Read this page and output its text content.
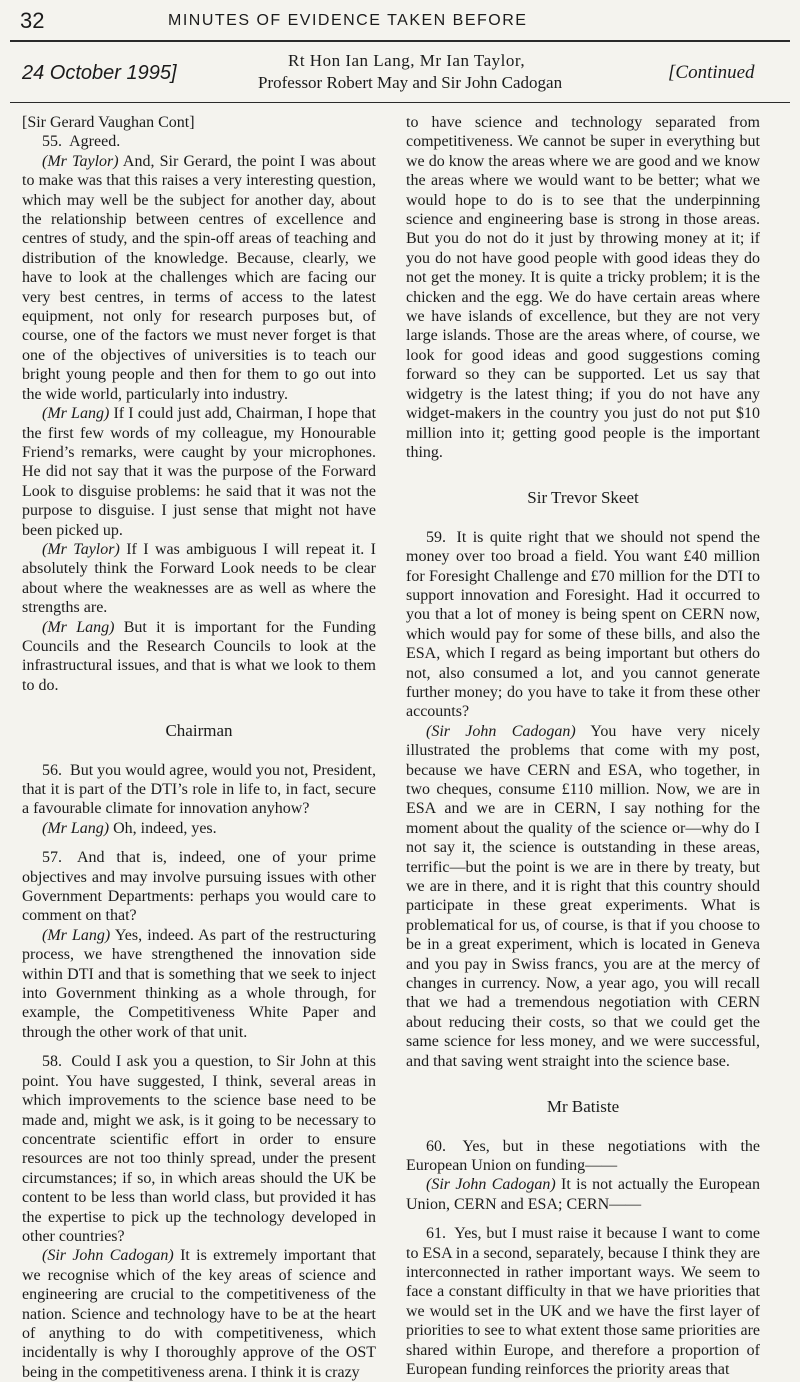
32	MINUTES OF EVIDENCE TAKEN BEFORE
24 October 1995]
Rt Hon Ian Lang, Mr Ian Taylor,
Professor Robert May and Sir John Cadogan	[Continued

[Sir Gerard Vaughan Cont]

55. Agreed.

(Mr Taylor) And, Sir Gerard, the point I was about to make was that this raises a very interesting question, which may well be the subject for another day, about the relationship between centres of excellence and centres of study, and the spin-off areas of teaching and distribution of the knowledge. Because, clearly, we have to look at the challenges which are facing our very best centres, in terms of access to the latest equipment, not only for research purposes but, of course, one of the factors we must never forget is that one of the objectives of universities is to teach our bright young people and then for them to go out into the wide world, particularly into industry.

(Mr Lang) If I could just add, Chairman, I hope that the first few words of my colleague, my Honourable Friend’s remarks, were caught by your microphones. He did not say that it was the purpose of the Forward Look to disguise problems: he said that it was not the purpose to disguise. I just sense that might not have been picked up.

(Mr Taylor) If I was ambiguous I will repeat it. I absolutely think the Forward Look needs to be clear about where the weaknesses are as well as where the strengths are.

(Mr Lang) But it is important for the Funding Councils and the Research Councils to look at the infrastructural issues, and that is what we look to them to do.

Chairman

56. But you would agree, would you not, President, that it is part of the DTI’s role in life to, in fact, secure a favourable climate for innovation anyhow?

(Mr Lang) Oh, indeed, yes.

57. And that is, indeed, one of your prime objectives and may involve pursuing issues with other Government Departments: perhaps you would care to comment on that?

(Mr Lang) Yes, indeed. As part of the restructuring process, we have strengthened the innovation side within DTI and that is something that we seek to inject into Government thinking as a whole through, for example, the Competitiveness White Paper and through the other work of that unit.

58. Could I ask you a question, to Sir John at this point. You have suggested, I think, several areas in which improvements to the science base need to be made and, might we ask, is it going to be necessary to concentrate scientific effort in order to ensure resources are not too thinly spread, under the present circumstances; if so, in which areas should the UK be content to be less than world class, but provided it has the expertise to pick up the technology developed in other countries?

(Sir John Cadogan) It is extremely important that we recognise which of the key areas of science and engineering are crucial to the competitiveness of the nation. Science and technology have to be at the heart of anything to do with competitiveness, which incidentally is why I thoroughly approve of the OST being in the competitiveness arena. I think it is crazy

to have science and technology separated from competitiveness. We cannot be super in everything but we do know the areas where we are good and we know the areas where we would want to be better; what we would hope to do is to see that the underpinning science and engineering base is strong in those areas. But you do not do it just by throwing money at it; if you do not have good people with good ideas they do not get the money. It is quite a tricky problem; it is the chicken and the egg. We do have certain areas where we have islands of excellence, but they are not very large islands. Those are the areas where, of course, we look for good ideas and good suggestions coming forward so they can be supported. Let us say that widgetry is the latest thing; if you do not have any widget-makers in the country you just do not put $10 million into it; getting good people is the important thing.

Sir Trevor Skeet

59. It is quite right that we should not spend the money over too broad a field. You want £40 million for Foresight Challenge and £70 million for the DTI to support innovation and Foresight. Had it occurred to you that a lot of money is being spent on CERN now, which would pay for some of these bills, and also the ESA, which I regard as being important but others do not, also consumed a lot, and you cannot generate further money; do you have to take it from these other accounts?

(Sir John Cadogan) You have very nicely illustrated the problems that come with my post, because we have CERN and ESA, who together, in two cheques, consume £110 million. Now, we are in ESA and we are in CERN, I say nothing for the moment about the quality of the science or—why do I not say it, the science is outstanding in these areas, terrific—but the point is we are in there by treaty, but we are in there, and it is right that this country should participate in these great experiments. What is problematical for us, of course, is that if you choose to be in a great experiment, which is located in Geneva and you pay in Swiss francs, you are at the mercy of changes in currency. Now, a year ago, you will recall that we had a tremendous negotiation with CERN about reducing their costs, so that we could get the same science for less money, and we were successful, and that saving went straight into the science base.

Mr Batiste

60. Yes, but in these negotiations with the European Union on funding——

(Sir John Cadogan) It is not actually the European Union, CERN and ESA; CERN——

61. Yes, but I must raise it because I want to come to ESA in a second, separately, because I think they are interconnected in rather important ways. We seem to face a constant difficulty in that we have priorities that we would set in the UK and we have the first layer of priorities to see to what extent those same priorities are shared within Europe, and therefore a proportion of European funding reinforces the priority areas that
